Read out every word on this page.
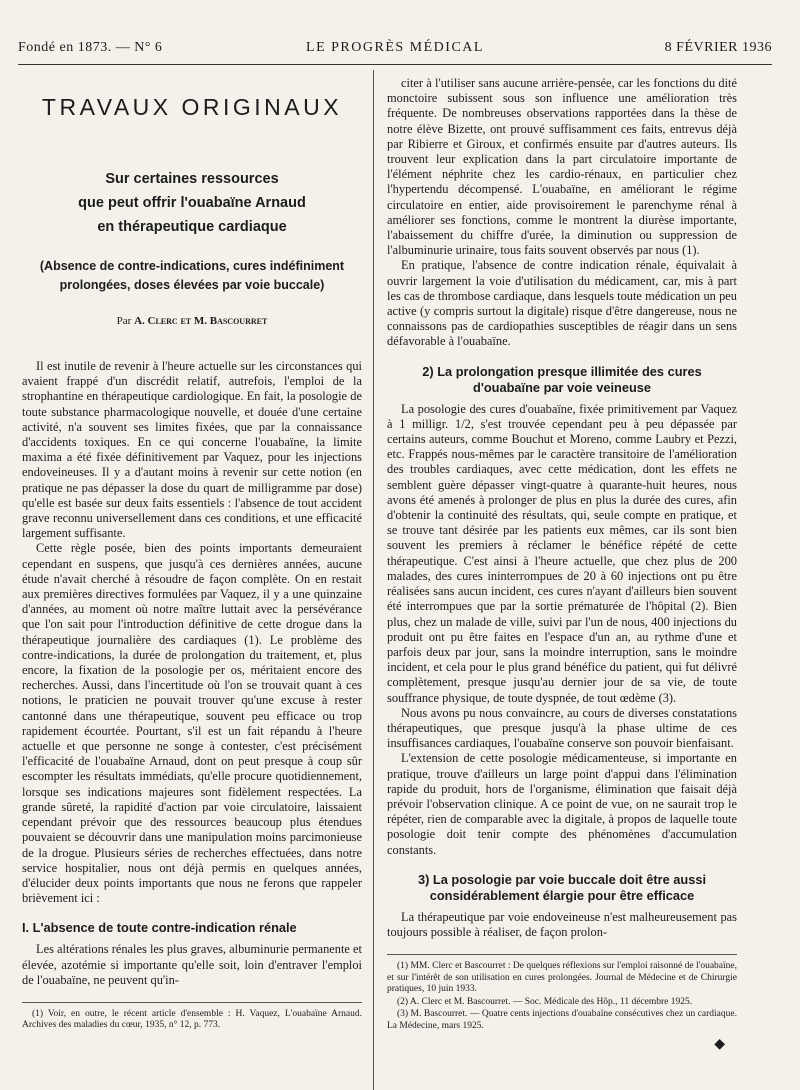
Fondé en 1873. — N° 6	LE PROGRÈS MÉDICAL	8 FÉVRIER 1936
TRAVAUX ORIGINAUX
Sur certaines ressources
que peut offrir l'ouabaïne Arnaud
en thérapeutique cardiaque
(Absence de contre-indications, cures indéfiniment
prolongées, doses élevées par voie buccale)
Par A. Clerc et M. Bascourret

Il est inutile de revenir à l'heure actuelle sur les circonstances qui avaient frappé d'un discrédit relatif, autrefois, l'emploi de la strophantine en thérapeutique cardiologique. En fait, la posologie de toute substance pharmacologique nouvelle, et douée d'une certaine activité, n'a souvent ses limites fixées, que par la connaissance d'accidents toxiques. En ce qui concerne l'ouabaïne, la limite maxima a été fixée définitivement par Vaquez, pour les injections endoveineuses. Il y a d'autant moins à revenir sur cette notion (en pratique ne pas dépasser la dose du quart de milligramme par dose) qu'elle est basée sur deux faits essentiels : l'absence de tout accident grave reconnu universellement dans ces conditions, et une efficacité largement suffisante.

Cette règle posée, bien des points importants demeuraient cependant en suspens, que jusqu'à ces dernières années, aucune étude n'avait cherché à résoudre de façon complète. On en restait aux premières directives formulées par Vaquez, il y a une quinzaine d'années, au moment où notre maître luttait avec la persévérance que l'on sait pour l'introduction définitive de cette drogue dans la thérapeutique journalière des cardiaques (1). Le problème des contre-indications, la durée de prolongation du traitement, et, plus encore, la fixation de la posologie per os, méritaient encore des recherches. Aussi, dans l'incertitude où l'on se trouvait quant à ces notions, le praticien ne pouvait trouver qu'une excuse à rester cantonné dans une thérapeutique, souvent peu efficace ou trop rapidement écourtée. Pourtant, s'il est un fait répandu à l'heure actuelle et que personne ne songe à contester, c'est précisément l'efficacité de l'ouabaïne Arnaud, dont on peut presque à coup sûr escompter les résultats immédiats, qu'elle procure quotidiennement, lorsque ses indications majeures sont fidèlement respectées. La grande sûreté, la rapidité d'action par voie circulatoire, laissaient cependant prévoir que des ressources beaucoup plus étendues pouvaient se découvrir dans une manipulation moins parcimonieuse de la drogue. Plusieurs séries de recherches effectuées, dans notre service hospitalier, nous ont déjà permis en quelques années, d'élucider deux points importants que nous ne ferons que rappeler brièvement ici :

I. L'absence de toute contre-indication rénale

Les altérations rénales les plus graves, albuminurie permanente et élevée, azotémie si importante qu'elle soit, loin d'entraver l'emploi de l'ouabaïne, ne peuvent qu'in-

(1) Voir, en outre, le récent article d'ensemble : H. Vaquez, L'ouabaïne Arnaud. Archives des maladies du cœur, 1935, n° 12, p. 773.

citer à l'utiliser sans aucune arrière-pensée, car les fonctions du dité monctoire subissent sous son influence une amélioration très fréquente. De nombreuses observations rapportées dans la thèse de notre élève Bizette, ont prouvé suffisamment ces faits, entrevus déjà par Ribierre et Giroux, et confirmés ensuite par d'autres auteurs. Ils trouvent leur explication dans la part circulatoire importante de l'élément néphrite chez les cardio-rénaux, en particulier chez l'hypertendu décompensé. L'ouabaïne, en améliorant le régime circulatoire en entier, aide provisoirement le parenchyme rénal à améliorer ses fonctions, comme le montrent la diurèse importante, l'abaissement du chiffre d'urée, la diminution ou suppression de l'albuminurie urinaire, tous faits souvent observés par nous (1).

En pratique, l'absence de contre indication rénale, équivalait à ouvrir largement la voie d'utilisation du médicament, car, mis à part les cas de thrombose cardiaque, dans lesquels toute médication un peu active (y compris surtout la digitale) risque d'être dangereuse, nous ne connaissons pas de cardiopathies susceptibles de réagir dans un sens défavorable à l'ouabaïne.

2) La prolongation presque illimitée des cures d'ouabaïne par voie veineuse

La posologie des cures d'ouabaïne, fixée primitivement par Vaquez à 1 milligr. 1/2, s'est trouvée cependant peu à peu dépassée par certains auteurs, comme Bouchut et Moreno, comme Laubry et Pezzi, etc. Frappés nous-mêmes par le caractère transitoire de l'amélioration des troubles cardiaques, avec cette médication, dont les effets ne semblent guère dépasser vingt-quatre à quarante-huit heures, nous avons été amenés à prolonger de plus en plus la durée des cures, afin d'obtenir la continuité des résultats, qui, seule compte en pratique, et se trouve tant désirée par les patients eux mêmes, car ils sont bien souvent les premiers à réclamer le bénéfice répété de cette thérapeutique. C'est ainsi à l'heure actuelle, que chez plus de 200 malades, des cures ininterrompues de 20 à 60 injections ont pu être réalisées sans aucun incident, ces cures n'ayant d'ailleurs bien souvent été interrompues que par la sortie prématurée de l'hôpital (2). Bien plus, chez un malade de ville, suivi par l'un de nous, 400 injections du produit ont pu être faites en l'espace d'un an, au rythme d'une et parfois deux par jour, sans la moindre interruption, sans le moindre incident, et cela pour le plus grand bénéfice du patient, qui fut délivré complètement, presque jusqu'au dernier jour de sa vie, de toute souffrance physique, de toute dyspnée, de tout œdème (3).

Nous avons pu nous convaincre, au cours de diverses constatations thérapeutiques, que presque jusqu'à la phase ultime de ces insuffisances cardiaques, l'ouabaïne conserve son pouvoir bienfaisant.

L'extension de cette posologie médicamenteuse, si importante en pratique, trouve d'ailleurs un large point d'appui dans l'élimination rapide du produit, hors de l'organisme, élimination que faisait déjà prévoir l'observation clinique. A ce point de vue, on ne saurait trop le répéter, rien de comparable avec la digitale, à propos de laquelle toute posologie doit tenir compte des phénomènes d'accumulation constants.

3) La posologie par voie buccale doit être aussi considérablement élargie pour être efficace

La thérapeutique par voie endoveineuse n'est malheureusement pas toujours possible à réaliser, de façon prolon-

(1) MM. Clerc et Bascourret : De quelques réflexions sur l'emploi raisonné de l'ouabaïne, et sur l'intérêt de son utilisation en cures prolongées. Journal de Médecine et de Chirurgie pratiques, 10 juin 1933.

(2) A. Clerc et M. Bascourret. — Soc. Médicale des Hôp., 11 décembre 1925.

(3) M. Bascourret. — Quatre cents injections d'ouabaïne consécutives chez un cardiaque. La Médecine, mars 1925.

◆
